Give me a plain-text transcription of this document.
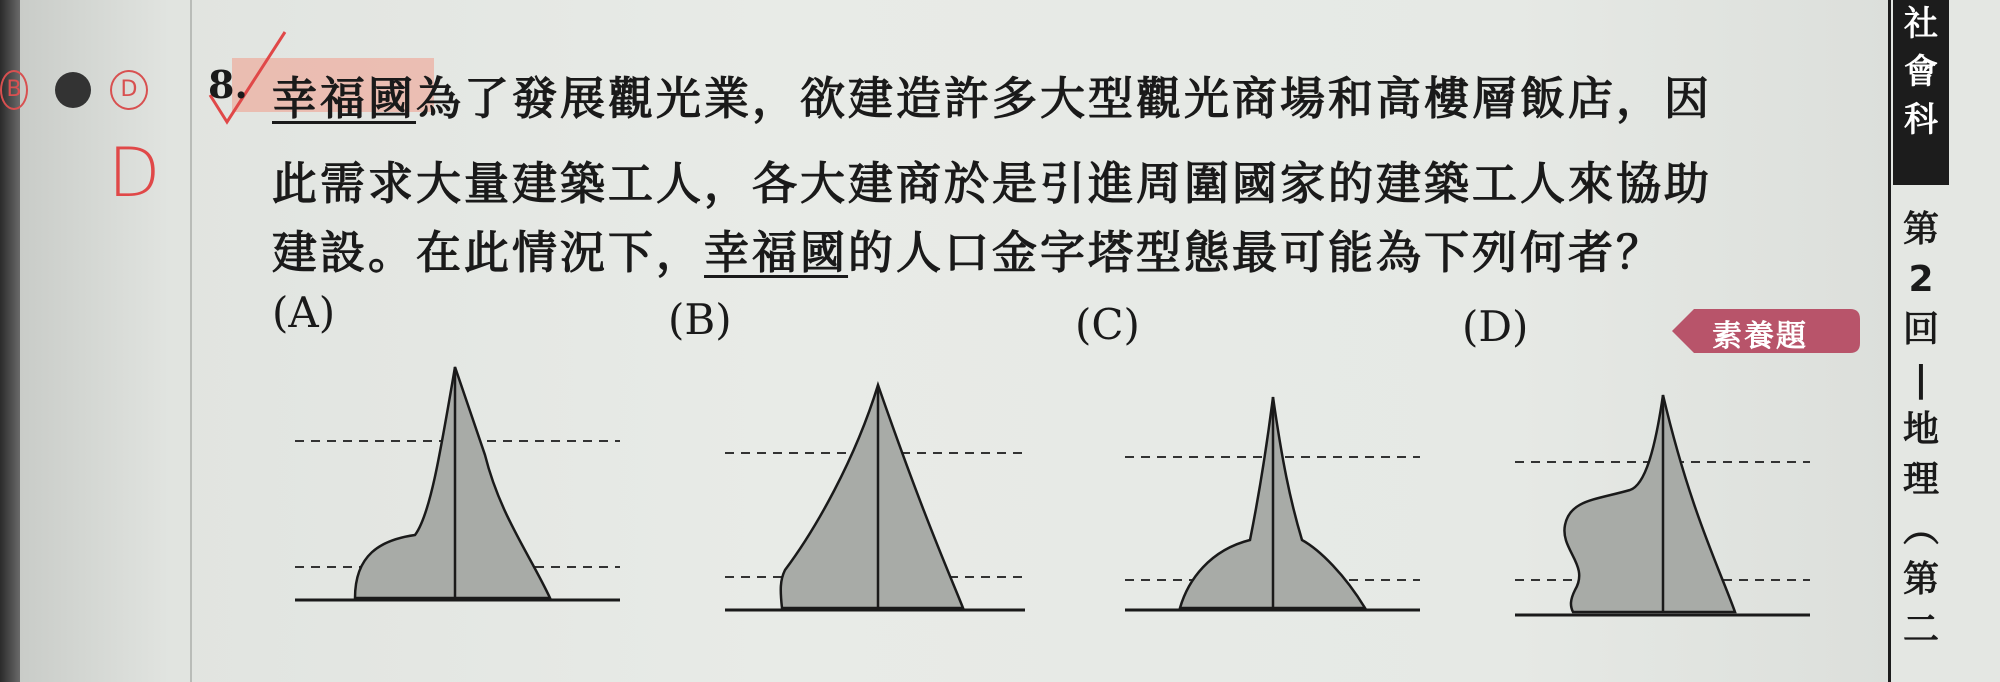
B	D
D
8. 幸福國為了發展觀光業，欲建造許多大型觀光商場和高樓層飯店，因
此需求大量建築工人，各大建商於是引進周圍國家的建築工人來協助
建設。在此情況下，幸福國的人口金字塔型態最可能為下列何者？
(A)	(B)	(C)	(D)	素養題
社
會
科
第
2
回
|
地
理
︵
第
二
